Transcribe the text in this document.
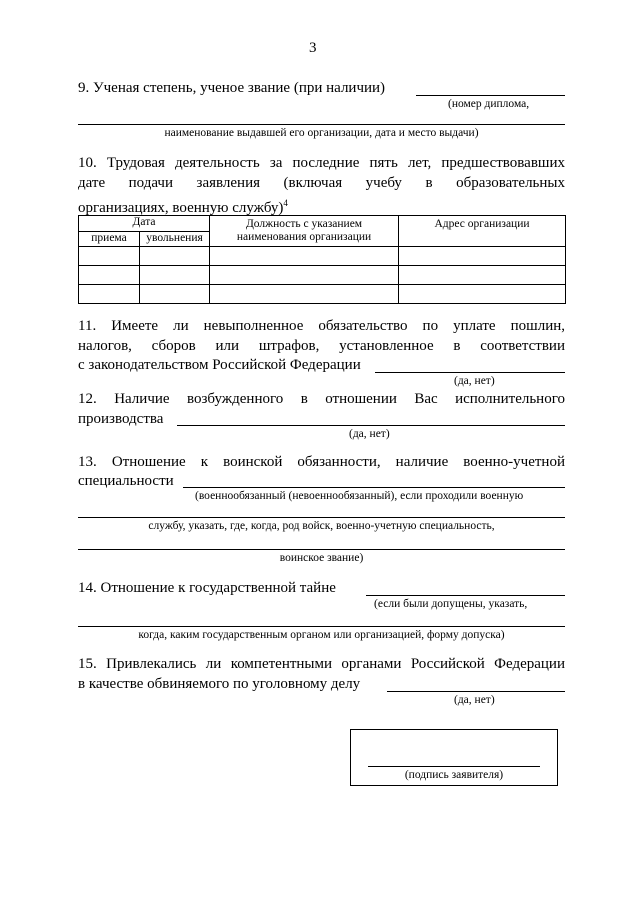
3
9. Ученая степень, ученое звание (при наличии)
(номер диплома,
наименование выдавшей его организации, дата и место выдачи)
10. Трудовая деятельность за последние пять лет, предшествовавших
дате подачи заявления (включая учебу в образовательных
организациях, военную службу)$^4$
Дата		Должность с указанием наименования организации	Адрес организации
приема	увольнения		

11. Имеете ли невыполненное обязательство по уплате пошлин,
налогов, сборов или штрафов, установленное в соответствии
с законодательством Российской Федерации
(да, нет)
12. Наличие возбужденного в отношении Вас исполнительного
производства
(да, нет)
13. Отношение к воинской обязанности, наличие военно-учетной
специальности
(военнообязанный (невоеннообязанный), если проходили военную
службу, указать, где, когда, род войск, военно-учетную специальность,
воинское звание)
14. Отношение к государственной тайне
(если были допущены, указать,
когда, каким государственным органом или организацией, форму допуска)
15. Привлекались ли компетентными органами Российской Федерации
в качестве обвиняемого по уголовному делу
(да, нет)
(подпись заявителя)
